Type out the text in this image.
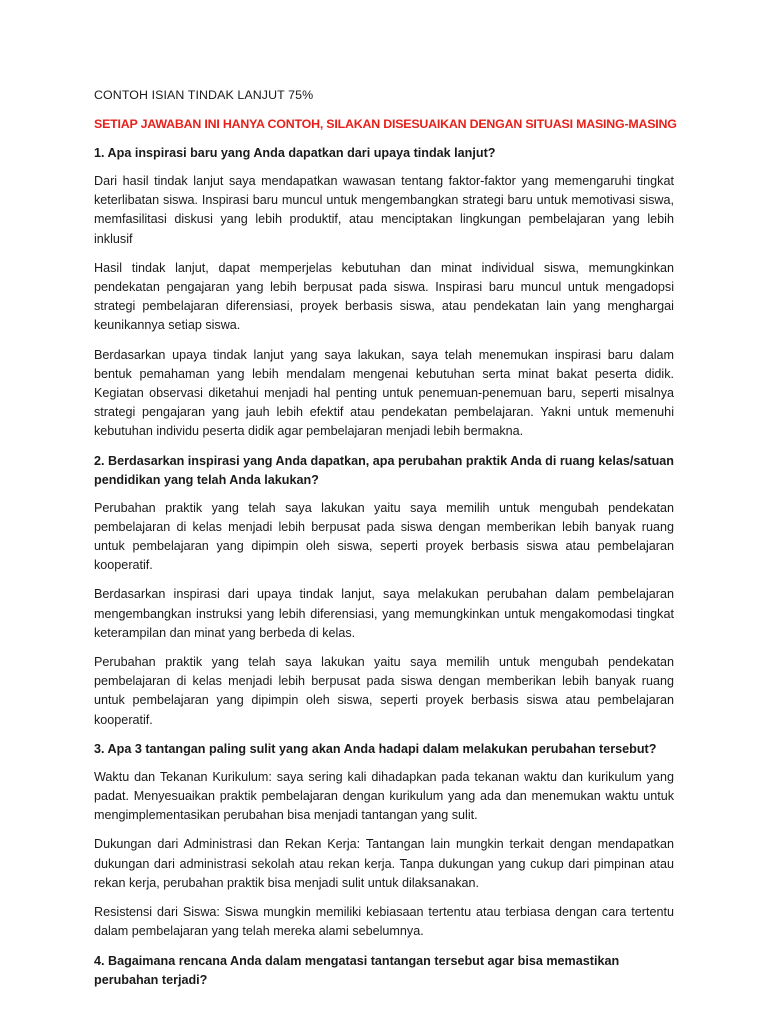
CONTOH ISIAN TINDAK LANJUT 75%
SETIAP JAWABAN INI HANYA CONTOH, SILAKAN DISESUAIKAN DENGAN SITUASI MASING-MASING
1. Apa inspirasi baru yang Anda dapatkan dari upaya tindak lanjut?

Dari hasil tindak lanjut saya mendapatkan wawasan tentang faktor-faktor yang memengaruhi tingkat keterlibatan siswa. Inspirasi baru muncul untuk mengembangkan strategi baru untuk memotivasi siswa, memfasilitasi diskusi yang lebih produktif, atau menciptakan lingkungan pembelajaran yang lebih inklusif

Hasil tindak lanjut, dapat memperjelas kebutuhan dan minat individual siswa, memungkinkan pendekatan pengajaran yang lebih berpusat pada siswa. Inspirasi baru muncul untuk mengadopsi strategi pembelajaran diferensiasi, proyek berbasis siswa, atau pendekatan lain yang menghargai keunikannya setiap siswa.

Berdasarkan upaya tindak lanjut yang saya lakukan, saya telah menemukan inspirasi baru dalam bentuk pemahaman yang lebih mendalam mengenai kebutuhan serta minat bakat peserta didik. Kegiatan observasi diketahui menjadi hal penting untuk penemuan-penemuan baru, seperti misalnya strategi pengajaran yang jauh lebih efektif atau pendekatan pembelajaran. Yakni untuk memenuhi kebutuhan individu peserta didik agar pembelajaran menjadi lebih bermakna.

2. Berdasarkan inspirasi yang Anda dapatkan, apa perubahan praktik Anda di ruang kelas/satuan pendidikan yang telah Anda lakukan?

Perubahan praktik yang telah saya lakukan yaitu saya memilih untuk mengubah pendekatan pembelajaran di kelas menjadi lebih berpusat pada siswa dengan memberikan lebih banyak ruang untuk pembelajaran yang dipimpin oleh siswa, seperti proyek berbasis siswa atau pembelajaran kooperatif.

Berdasarkan inspirasi dari upaya tindak lanjut, saya melakukan perubahan dalam pembelajaran mengembangkan instruksi yang lebih diferensiasi, yang memungkinkan untuk mengakomodasi tingkat keterampilan dan minat yang berbeda di kelas.

Perubahan praktik yang telah saya lakukan yaitu saya memilih untuk mengubah pendekatan pembelajaran di kelas menjadi lebih berpusat pada siswa dengan memberikan lebih banyak ruang untuk pembelajaran yang dipimpin oleh siswa, seperti proyek berbasis siswa atau pembelajaran kooperatif.

3. Apa 3 tantangan paling sulit yang akan Anda hadapi dalam melakukan perubahan tersebut?

Waktu dan Tekanan Kurikulum: saya sering kali dihadapkan pada tekanan waktu dan kurikulum yang padat. Menyesuaikan praktik pembelajaran dengan kurikulum yang ada dan menemukan waktu untuk mengimplementasikan perubahan bisa menjadi tantangan yang sulit.

Dukungan dari Administrasi dan Rekan Kerja: Tantangan lain mungkin terkait dengan mendapatkan dukungan dari administrasi sekolah atau rekan kerja. Tanpa dukungan yang cukup dari pimpinan atau rekan kerja, perubahan praktik bisa menjadi sulit untuk dilaksanakan.

Resistensi dari Siswa: Siswa mungkin memiliki kebiasaan tertentu atau terbiasa dengan cara tertentu dalam pembelajaran yang telah mereka alami sebelumnya.

4. Bagaimana rencana Anda dalam mengatasi tantangan tersebut agar bisa memastikan perubahan terjadi?
